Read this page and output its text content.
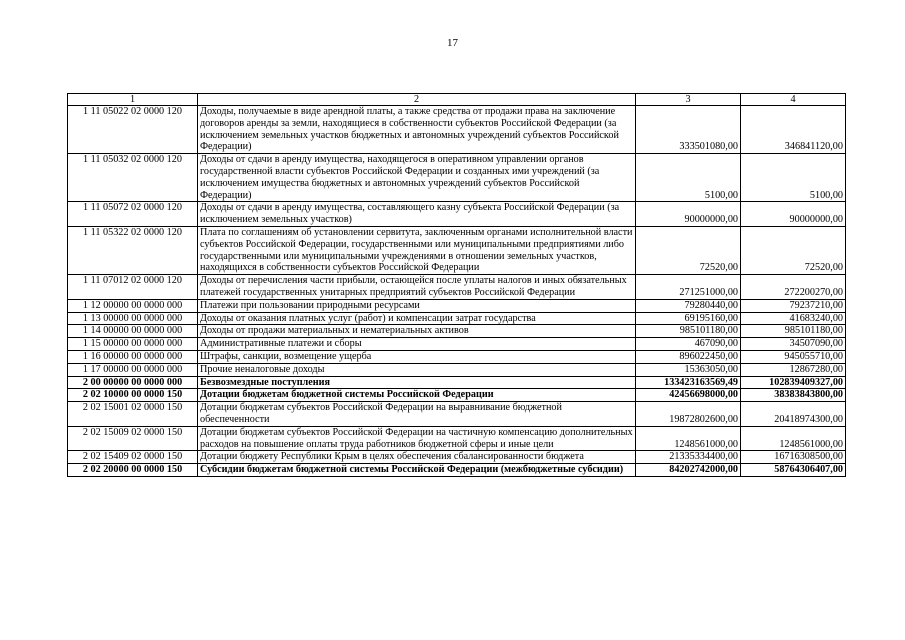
17
1	2	3	4
1 11 05022 02 0000 120	Доходы, получаемые в виде арендной платы, а также средства от продажи права на заключение договоров аренды за земли, находящиеся в собственности субъектов Российской Федерации (за исключением земельных участков бюджетных и автономных учреждений субъектов Российской Федерации)	333501080,00	346841120,00
1 11 05032 02 0000 120	Доходы от сдачи в аренду имущества, находящегося в оперативном управлении органов государственной власти субъектов Российской Федерации и созданных ими учреждений (за исключением имущества бюджетных и автономных учреждений субъектов Российской Федерации)	5100,00	5100,00
1 11 05072 02 0000 120	Доходы от сдачи в аренду имущества, составляющего казну субъекта Российской Федерации (за исключением земельных участков)	90000000,00	90000000,00
1 11 05322 02 0000 120	Плата по соглашениям об установлении сервитута, заключенным органами исполнительной власти субъектов Российской Федерации, государственными или муниципальными предприятиями либо государственными или муниципальными учреждениями в отношении земельных участков, находящихся в собственности субъектов Российской Федерации	72520,00	72520,00
1 11 07012 02 0000 120	Доходы от перечисления части прибыли, остающейся после уплаты налогов и иных обязательных платежей государственных унитарных предприятий субъектов Российской Федерации	271251000,00	272200270,00
1 12 00000 00 0000 000	Платежи при пользовании природными ресурсами	79280440,00	79237210,00
1 13 00000 00 0000 000	Доходы от оказания платных услуг (работ) и компенсации затрат государства	69195160,00	41683240,00
1 14 00000 00 0000 000	Доходы от продажи материальных и нематериальных активов	985101180,00	985101180,00
1 15 00000 00 0000 000	Административные платежи и сборы	467090,00	34507090,00
1 16 00000 00 0000 000	Штрафы, санкции, возмещение ущерба	896022450,00	945055710,00
1 17 00000 00 0000 000	Прочие неналоговые доходы	15363050,00	12867280,00
2 00 00000 00 0000 000	Безвозмездные поступления	133423163569,49	102839409327,00
2 02 10000 00 0000 150	Дотации бюджетам бюджетной системы Российской Федерации	42456698000,00	38383843800,00
2 02 15001 02 0000 150	Дотации бюджетам субъектов Российской Федерации на выравнивание бюджетной обеспеченности	19872802600,00	20418974300,00
2 02 15009 02 0000 150	Дотации бюджетам субъектов Российской Федерации на частичную компенсацию дополнительных расходов на повышение оплаты труда работников бюджетной сферы и иные цели	1248561000,00	1248561000,00
2 02 15409 02 0000 150	Дотации бюджету Республики Крым в целях обеспечения сбалансированности бюджета	21335334400,00	16716308500,00
2 02 20000 00 0000 150	Субсидии бюджетам бюджетной системы Российской Федерации (межбюджетные субсидии)	84202742000,00	58764306407,00
